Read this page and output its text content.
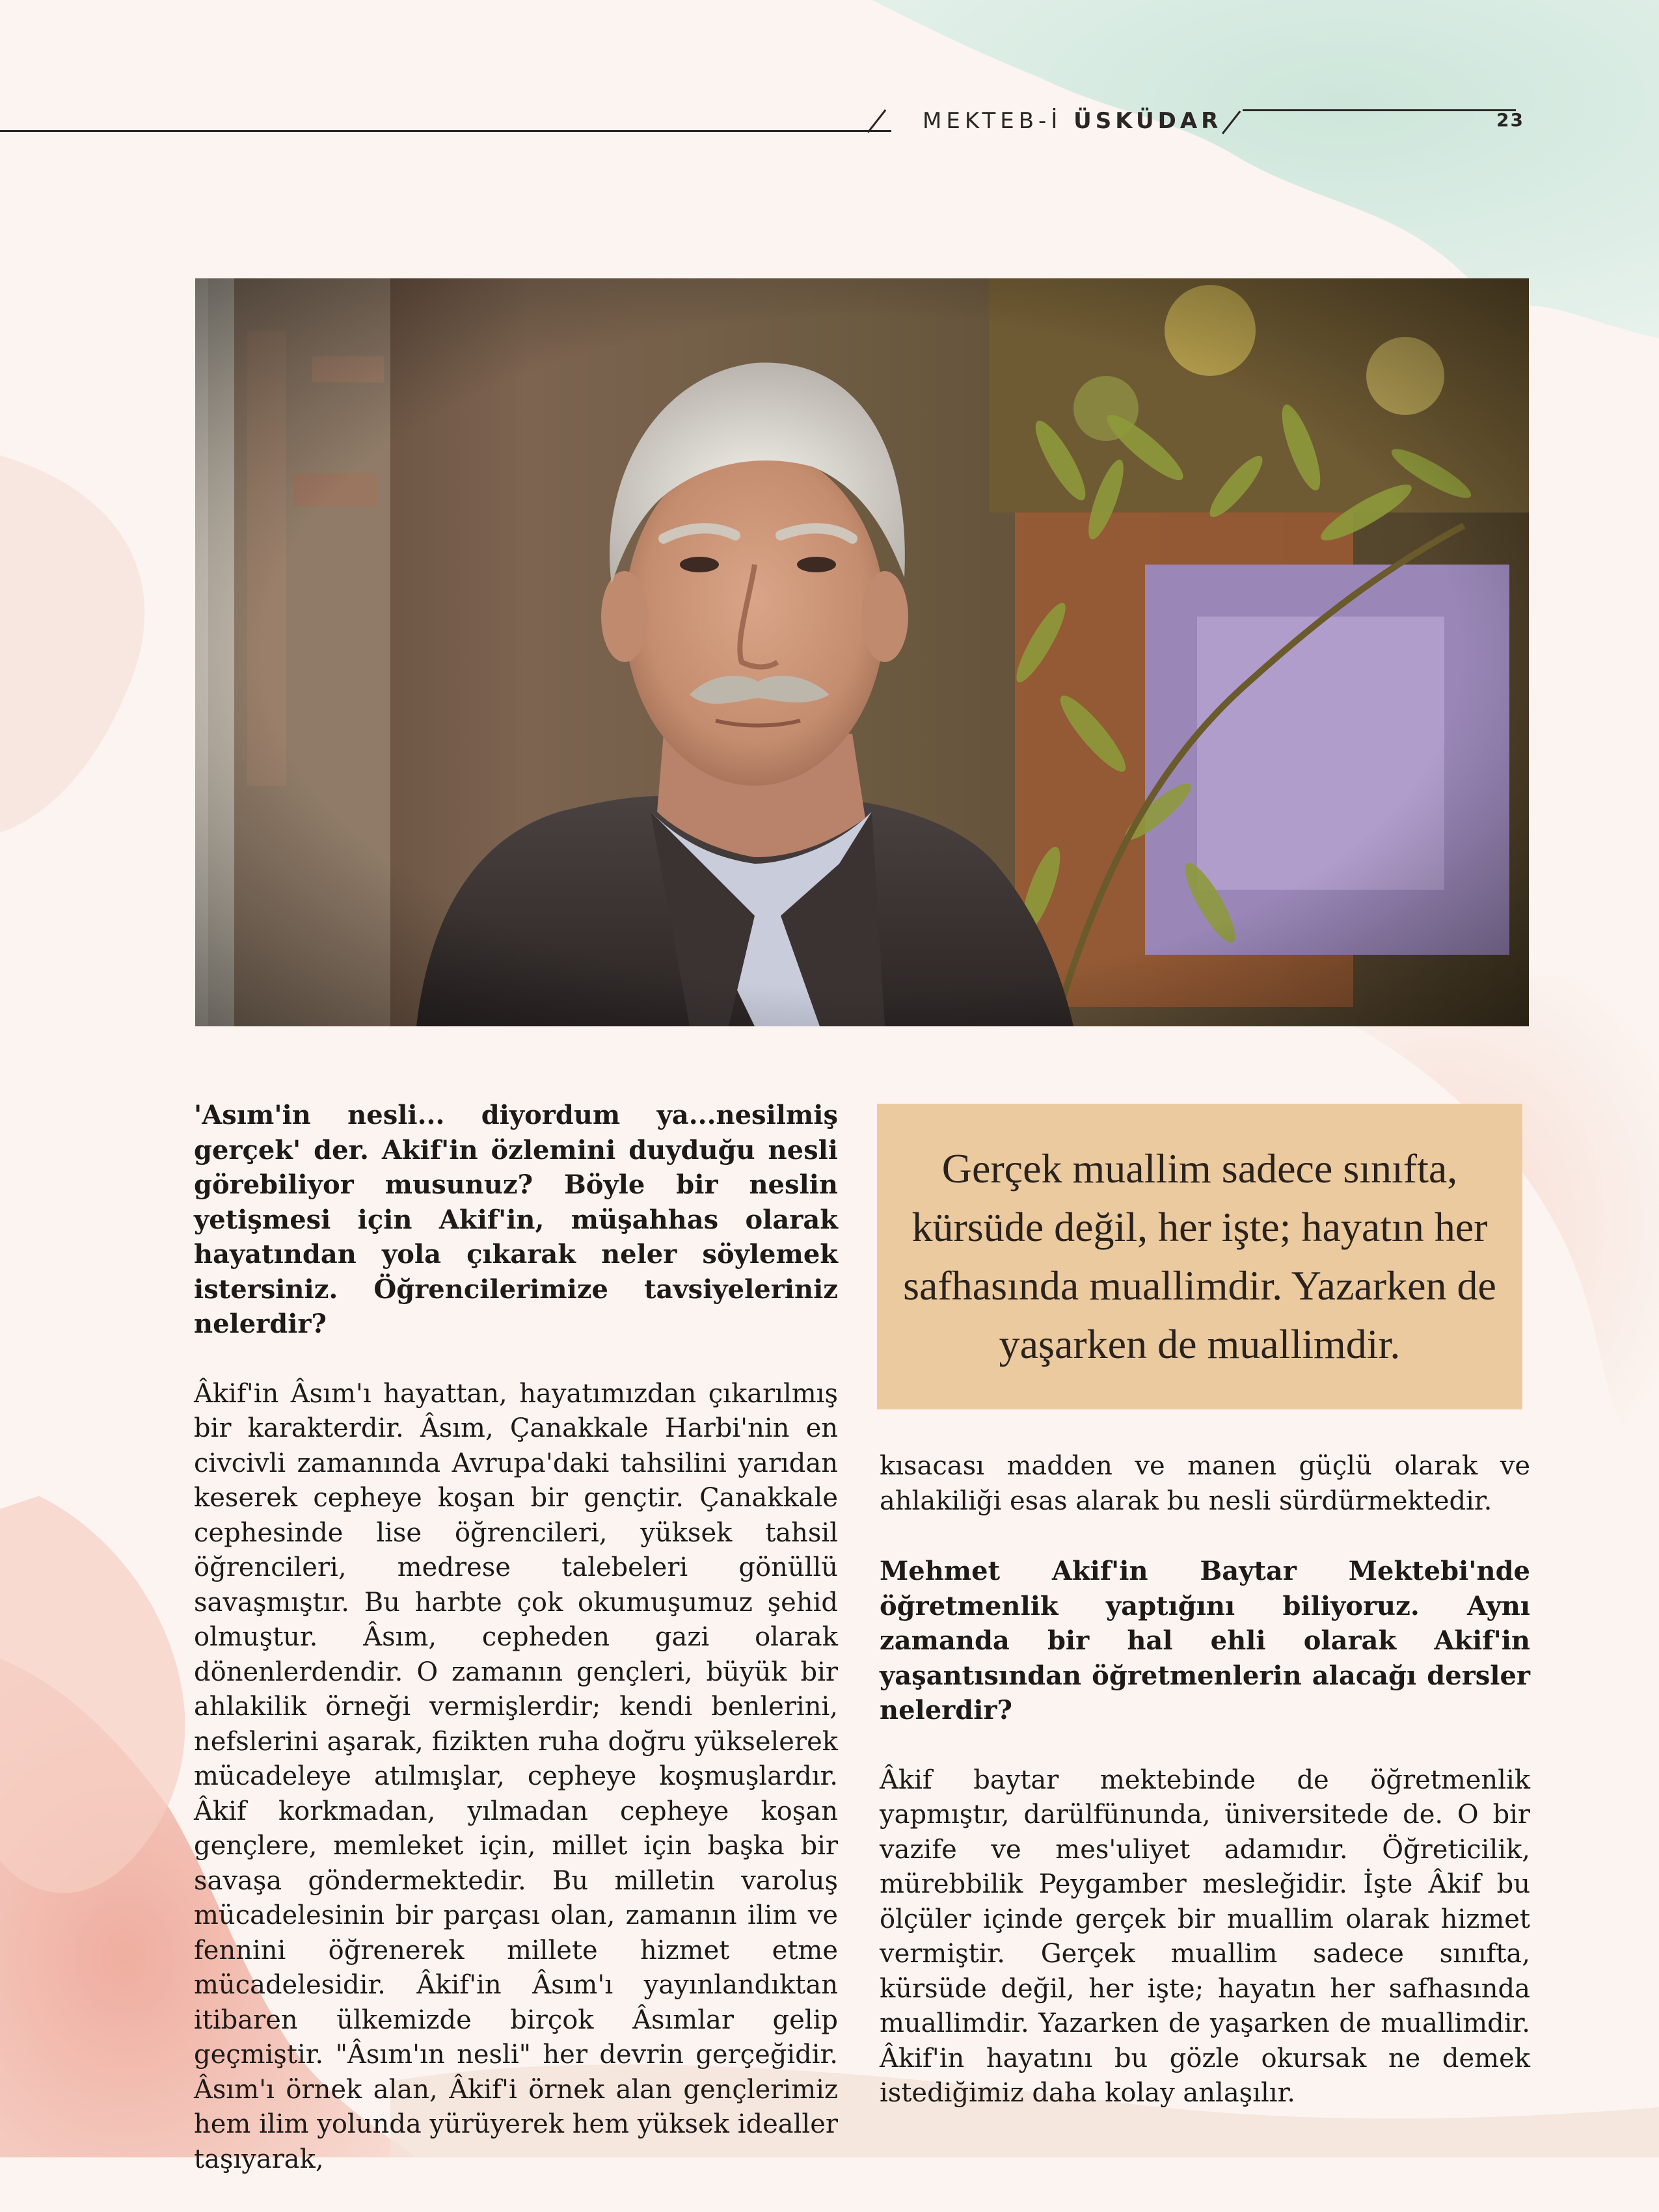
MEKTEB-İ ÜSKÜDAR	23

'Asım'in nesli... diyordum ya...nesilmiş gerçek' der. Akif'in özlemini duyduğu nesli görebiliyor musunuz? Böyle bir neslin yetişmesi için Akif'in, müşahhas olarak hayatından yola çıkarak neler söylemek istersiniz. Öğrencilerimize tavsiyeleriniz nelerdir?

Âkif'in Âsım'ı hayattan, hayatımızdan çıkarılmış bir karakterdir. Âsım, Çanakkale Harbi'nin en civcivli zamanında Avrupa'daki tahsilini yarıdan keserek cepheye koşan bir gençtir. Çanakkale cephesinde lise öğrencileri, yüksek tahsil öğrencileri, medrese talebeleri gönüllü savaşmıştır. Bu harbte çok okumuşumuz şehid olmuştur. Âsım, cepheden gazi olarak dönenlerdendir. O zamanın gençleri, büyük bir ahlakilik örneği vermişlerdir; kendi benlerini, nefslerini aşarak, fizikten ruha doğru yükselerek mücadeleye atılmışlar, cepheye koşmuşlardır. Âkif korkmadan, yılmadan cepheye koşan gençlere, memleket için, millet için başka bir savaşa göndermektedir. Bu milletin varoluş mücadelesinin bir parçası olan, zamanın ilim ve fennini öğrenerek millete hizmet etme mücadelesidir. Âkif'in Âsım'ı yayınlandıktan itibaren ülkemizde birçok Âsımlar gelip geçmiştir. "Âsım'ın nesli" her devrin gerçeğidir. Âsım'ı örnek alan, Âkif'i örnek alan gençlerimiz hem ilim yolunda yürüyerek hem yüksek idealler taşıyarak,

Gerçek muallim sadece sınıfta, kürsüde değil, her işte; hayatın her safhasında muallimdir. Yazarken de yaşarken de muallimdir.

kısacası madden ve manen güçlü olarak ve ahlakiliği esas alarak bu nesli sürdürmektedir.

Mehmet Akif'in Baytar Mektebi'nde öğretmenlik yaptığını biliyoruz. Aynı zamanda bir hal ehli olarak Akif'in yaşantısından öğretmenlerin alacağı dersler nelerdir?

Âkif baytar mektebinde de öğretmenlik yapmıştır, darülfünunda, üniversitede de. O bir vazife ve mes'uliyet adamıdır. Öğreticilik, mürebbilik Peygamber mesleğidir. İşte Âkif bu ölçüler içinde gerçek bir muallim olarak hizmet vermiştir. Gerçek muallim sadece sınıfta, kürsüde değil, her işte; hayatın her safhasında muallimdir. Yazarken de yaşarken de muallimdir. Âkif'in hayatını bu gözle okursak ne demek istediğimiz daha kolay anlaşılır.
